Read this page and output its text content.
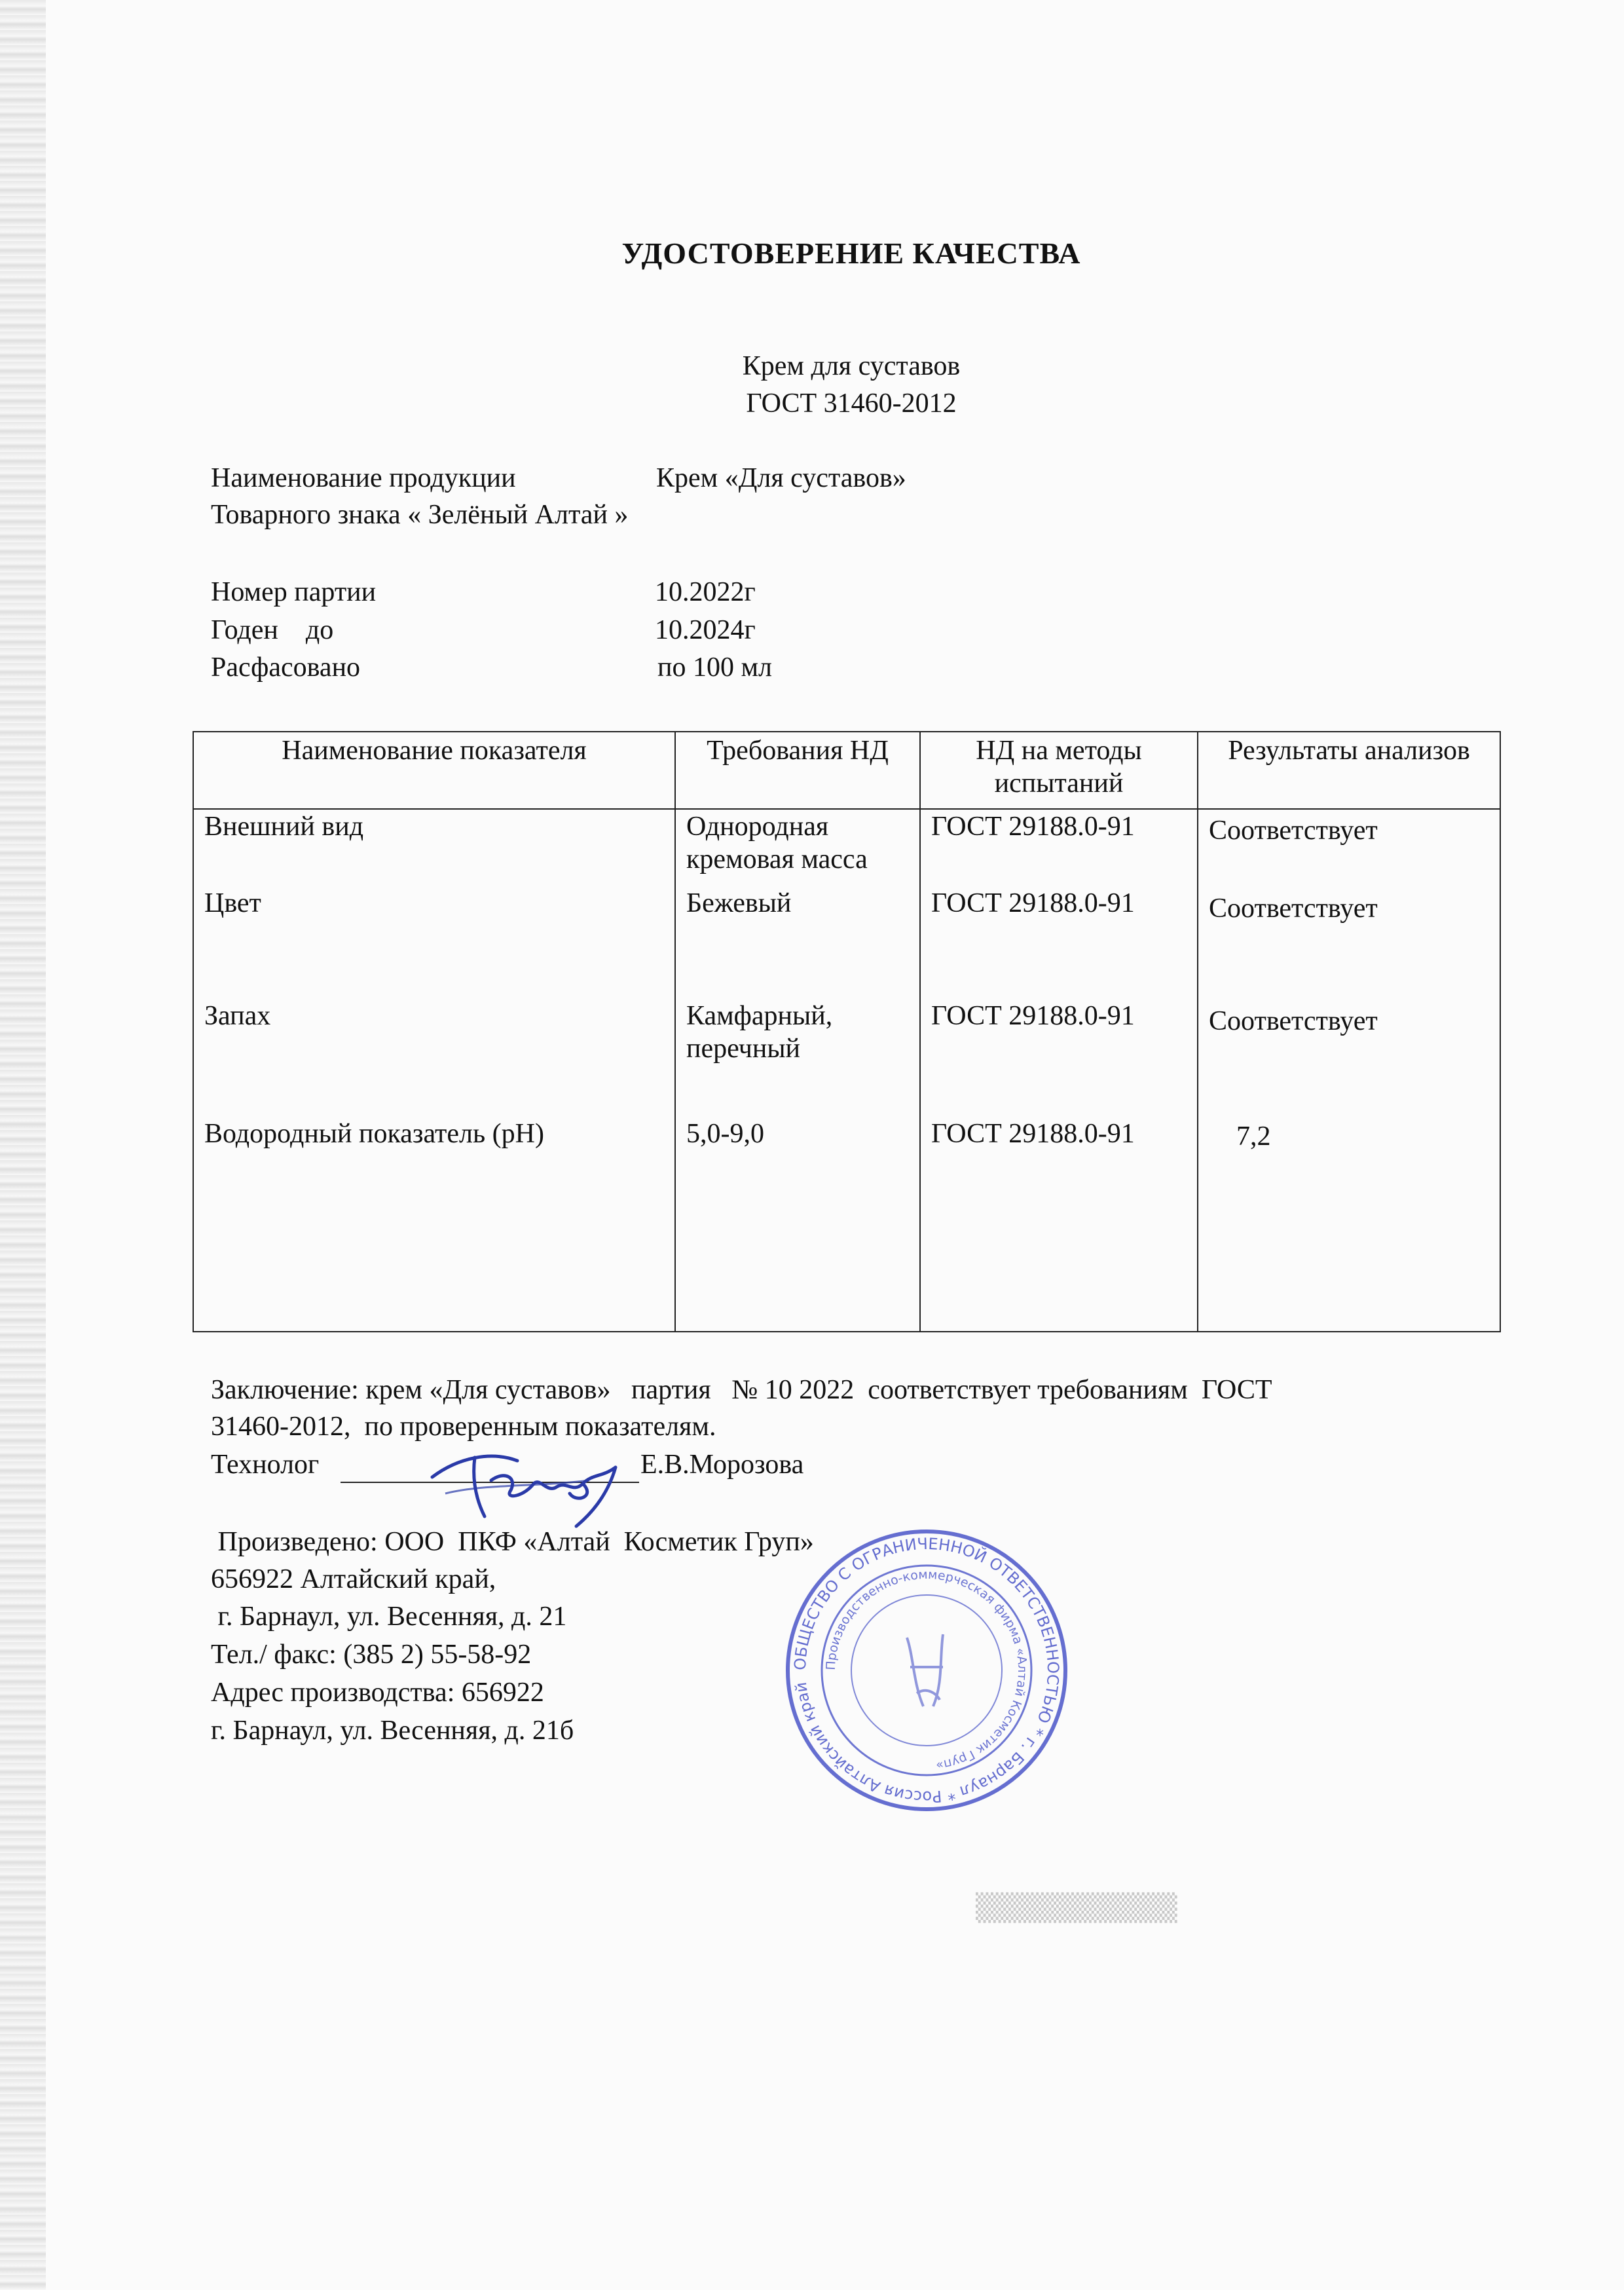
УДОСТОВЕРЕНИЕ КАЧЕСТВА
Крем для суставов
ГОСТ 31460-2012
Наименование продукции	Крем «Для суставов»
Товарного знака « Зелёный Алтай »
Номер партии	10.2022г
Годен    до	10.2024г
Расфасовано	по 100 мл
Наименование показателя	Требования НД	НД на методы испытаний	Результаты анализов
Внешний вид	Однородная кремовая масса	ГОСТ 29188.0-91	Соответствует
Цвет	Бежевый	ГОСТ 29188.0-91	Соответствует
Запах	Камфарный, перечный	ГОСТ 29188.0-91	Соответствует
Водородный показатель (рН)	5,0-9,0	ГОСТ 29188.0-91	7,2
Заключение: крем «Для суставов»   партия   № 10 2022  соответствует требованиям  ГОСТ
31460-2012,  по проверенным показателям.
Технолог	Е.В.Морозова
Произведено: ООО  ПКФ «Алтай  Косметик Груп»
656922 Алтайский край,
г. Барнаул, ул. Весенняя, д. 21
Тел./ факс: (385 2) 55-58-92
Адрес производства: 656922
г. Барнаул, ул. Весенняя, д. 21б
ОБЩЕСТВО С ОГРАНИЧЕННОЙ ОТВЕТСТВЕННОСТЬЮ * г. Барнаул * Россия Алтайский край
Производственно-коммерческая фирма «Алтай Косметик Груп»
▒▒▒▒▒▒▒▒▒▒
